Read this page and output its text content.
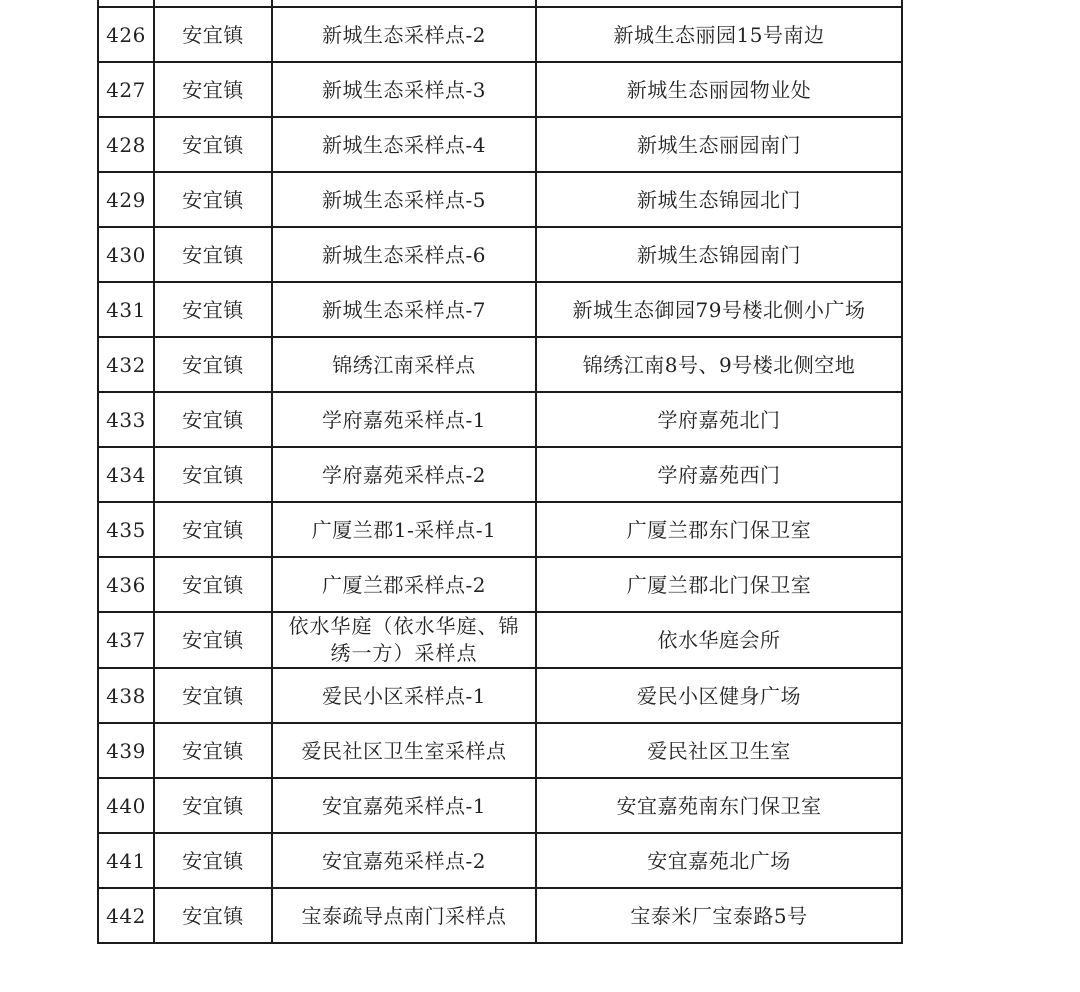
426	安宜镇	新城生态采样点-2	新城生态丽园15号南边
427	安宜镇	新城生态采样点-3	新城生态丽园物业处
428	安宜镇	新城生态采样点-4	新城生态丽园南门
429	安宜镇	新城生态采样点-5	新城生态锦园北门
430	安宜镇	新城生态采样点-6	新城生态锦园南门
431	安宜镇	新城生态采样点-7	新城生态御园79号楼北侧小广场
432	安宜镇	锦绣江南采样点	锦绣江南8号、9号楼北侧空地
433	安宜镇	学府嘉苑采样点-1	学府嘉苑北门
434	安宜镇	学府嘉苑采样点-2	学府嘉苑西门
435	安宜镇	广厦兰郡1-采样点-1	广厦兰郡东门保卫室
436	安宜镇	广厦兰郡采样点-2	广厦兰郡北门保卫室
437	安宜镇	依水华庭（依水华庭、锦绣一方）采样点	依水华庭会所
438	安宜镇	爱民小区采样点-1	爱民小区健身广场
439	安宜镇	爱民社区卫生室采样点	爱民社区卫生室
440	安宜镇	安宜嘉苑采样点-1	安宜嘉苑南东门保卫室
441	安宜镇	安宜嘉苑采样点-2	安宜嘉苑北广场
442	安宜镇	宝泰疏导点南门采样点	宝泰米厂宝泰路5号
